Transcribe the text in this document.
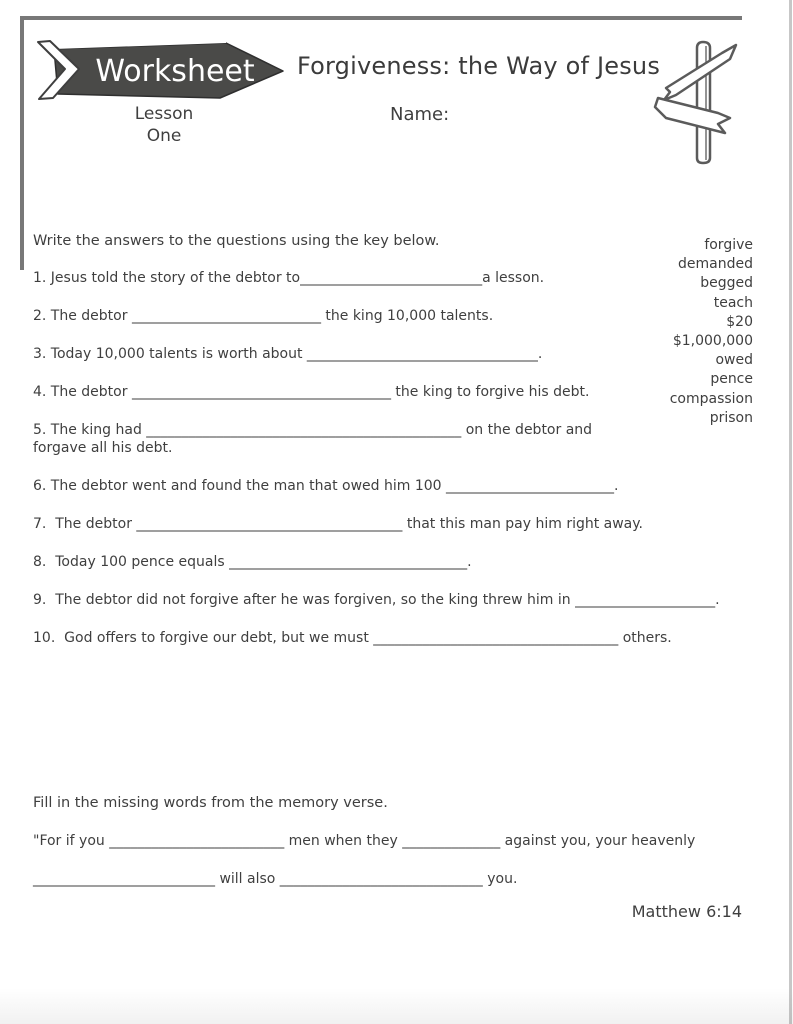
Worksheet
Lesson
One
Forgiveness: the Way of Jesus
Name:
Write the answers to the questions using the key below.

1. Jesus told the story of the debtor to__________________________a lesson.

2. The debtor ___________________________ the king 10,000 talents.

3. Today 10,000 talents is worth about _________________________________.

4. The debtor _____________________________________ the king to forgive his debt.

5. The king had _____________________________________________ on the debtor and
forgave all his debt.

6. The debtor went and found the man that owed him 100 ________________________.

7.  The debtor ______________________________________ that this man pay him right away.

8.  Today 100 pence equals __________________________________.

9.  The debtor did not forgive after he was forgiven, so the king threw him in ____________________.

10.  God offers to forgive our debt, but we must ___________________________________ others.

forgive
demanded
begged
teach
$20
$1,000,000
owed
pence
compassion
prison
Fill in the missing words from the memory verse.
"For if you _________________________ men when they ______________ against you, your heavenly
__________________________ will also _____________________________ you.
Matthew 6:14
